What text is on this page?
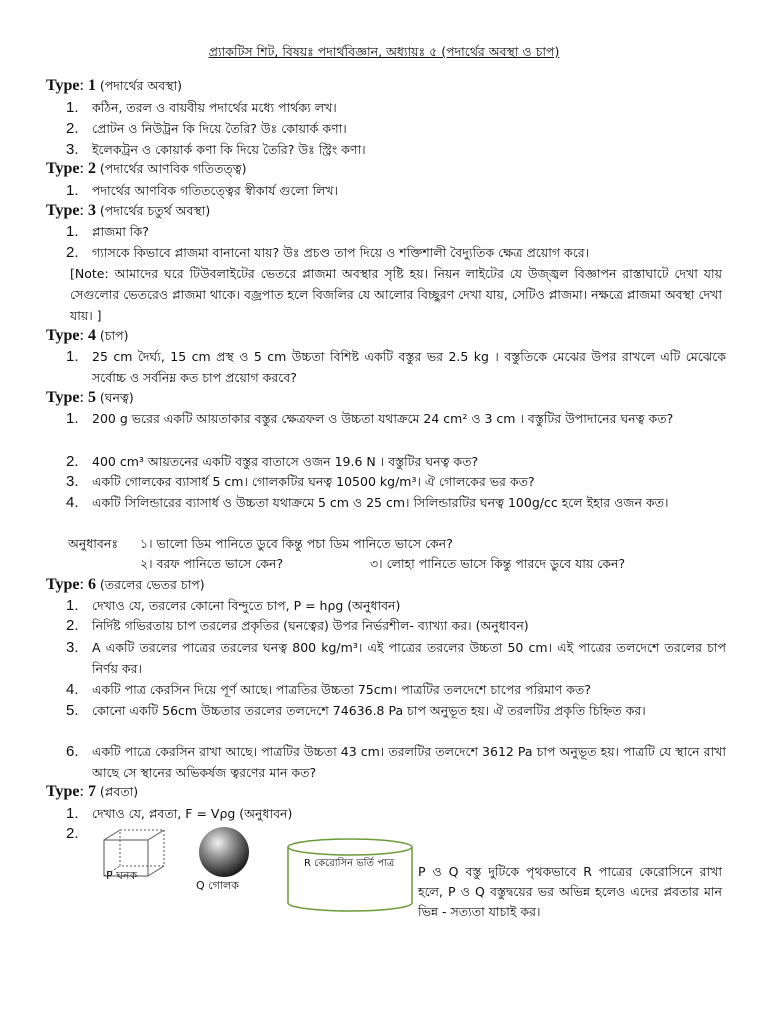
প্র্যাকটিস শিট, বিষয়ঃ পদার্থবিজ্ঞান, অধ্যায়ঃ ৫ (পদার্থের অবস্থা ও চাপ)
Type: 1 (পদার্থের অবস্থা)
1.	কঠিন, তরল ও বায়বীয় পদার্থের মধ্যে পার্থক্য লখ।
2.	প্রোটন ও নিউট্রন কি দিয়ে তৈরি? উঃ কোয়ার্ক কণা।
3.	ইলেকট্রন ও কোয়ার্ক কণা কি দিয়ে তৈরি? উঃ স্ট্রিং কণা।
Type: 2 (পদার্থের আণবিক গতিতত্ত্ব)
1.	পদার্থের আণবিক গতিতত্ত্বের স্বীকার্য গুলো লিখ।
Type: 3 (পদার্থের চতুর্থ অবস্থা)
1.	প্লাজমা কি?
2.	গ্যাসকে কিভাবে প্লাজমা বানানো যায়? উঃ প্রচণ্ড তাপ দিয়ে ও শক্তিশালী বৈদ্যুতিক ক্ষেত্র প্রয়োগ করে।
[Note: আমাদের ঘরে টিউবলাইটের ভেতরে প্লাজমা অবস্থার সৃষ্টি হয়। নিয়ন লাইটের যে উজ্জ্বল বিজ্ঞাপন রাস্তাঘাটে দেখা যায় সেগুলোর ভেতরেও প্লাজমা থাকে। বজ্রপাত হলে বিজলির যে আলোর বিচ্ছুরণ দেখা যায়, সেটিও প্লাজমা। নক্ষত্রে প্লাজমা অবস্থা দেখা যায়। ]
Type: 4 (চাপ)
1.	25 cm দৈর্ঘ্য, 15 cm প্রস্থ ও 5 cm উচ্চতা বিশিষ্ট একটি বস্তুর ভর 2.5 kg । বস্তুতিকে মেঝের উপর রাখলে এটি মেঝেকে সর্বোচ্চ ও সর্বনিম্ন কত চাপ প্রয়োগ করবে?
Type: 5 (ঘনত্ব)
1.	200 g ভরের একটি আয়তাকার বস্তুর ক্ষেত্রফল ও উচ্চতা যথাক্রমে 24 cm² ও 3 cm । বস্তুটির উপাদানের ঘনত্ব কত?
2.	400 cm³ আয়তনের একটি বস্তুর বাতাসে ওজন 19.6 N । বস্তুটির ঘনত্ব কত?
3.	একটি গোলকের ব্যাসার্ধ 5 cm। গোলকটির ঘনত্ব 10500 kg/m³। ঐ গোলকের ভর কত?
4.	একটি সিলিন্ডারের ব্যাসার্ধ ও উচ্চতা যথাক্রমে 5 cm ও 25 cm। সিলিন্ডারটির ঘনত্ব 100g/cc হলে ইহার ওজন কত।
অনুধাবনঃ ১। ভালো ডিম পানিতে ডুবে কিন্তু পচা ডিম পানিতে ভাসে কেন?
২। বরফ পানিতে ভাসে কেন?	৩। লোহা পানিতে ভাসে কিন্তু পারদে ডুবে যায় কেন?
Type: 6 (তরলের ভেতর চাপ)
1.	দেখাও যে, তরলের কোনো বিন্দুতে চাপ, P = hρg (অনুধাবন)
2.	নির্দিষ্ট গভিরতায় চাপ তরলের প্রকৃতির (ঘনত্বের) উপর নির্ভরশীল- ব্যাখ্যা কর। (অনুধাবন)
3.	A একটি তরলের পাত্রের তরলের ঘনত্ব 800 kg/m³। এই পাত্রের তরলের উচ্চতা 50 cm। এই পাত্রের তলদেশে তরলের চাপ নির্ণয় কর।
4.	একটি পাত্র কেরসিন দিয়ে পূর্ণ আছে। পাত্রতির উচ্চতা 75cm। পাত্রটির তলদেশে চাপের পরিমাণ কত?
5.	কোনো একটি 56cm উচ্চতার তরলের তলদেশে 74636.8 Pa চাপ অনুভূত হয়। ঐ তরলটির প্রকৃতি চিহ্নিত কর।
6.	একটি পাত্রে কেরসিন রাখা আছে। পাত্রটির উচ্চতা 43 cm। তরলটির তলদেশে 3612 Pa চাপ অনুভূত হয়। পাত্রটি যে স্থানে রাখা আছে সে স্থানের অভিকর্ষজ ত্বরণের মান কত?
Type: 7 (প্লবতা)
1.	দেখাও যে, প্লবতা, F = Vρg (অনুধাবন)
2.
P ঘনক
Q গোলক
R কেরোসিন ভর্তি পাত্র
P ও Q বস্তু দুটিকে পৃথকভাবে R পাত্রের কেরোসিনে রাখা হলে, P ও Q বস্তুদ্বয়ের ভর অভিন্ন হলেও এদের প্লবতার মান ভিন্ন - সত্যতা যাচাই কর।
